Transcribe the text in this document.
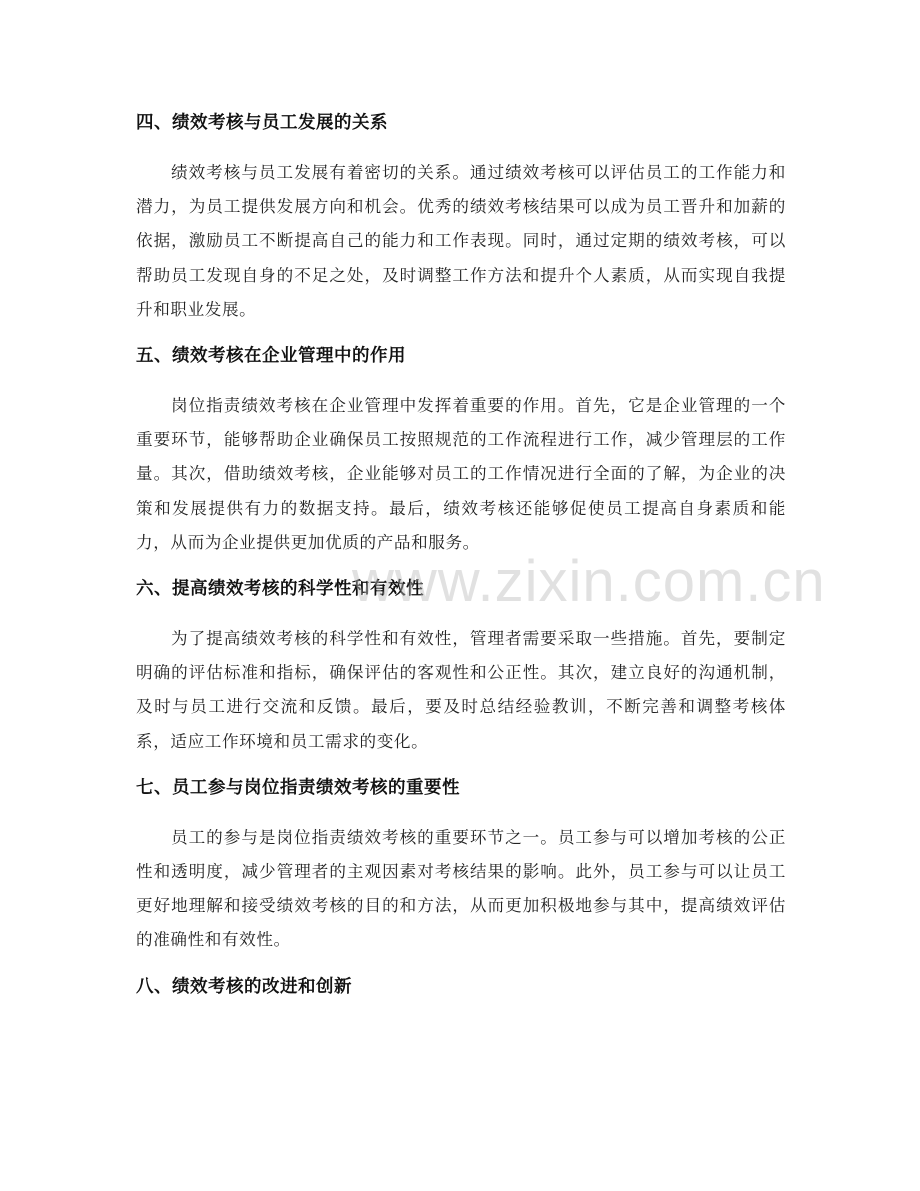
四、绩效考核与员工发展的关系

绩效考核与员工发展有着密切的关系。通过绩效考核可以评估员工的工作能力和潜力，为员工提供发展方向和机会。优秀的绩效考核结果可以成为员工晋升和加薪的依据，激励员工不断提高自己的能力和工作表现。同时，通过定期的绩效考核，可以帮助员工发现自身的不足之处，及时调整工作方法和提升个人素质，从而实现自我提升和职业发展。

五、绩效考核在企业管理中的作用

岗位指责绩效考核在企业管理中发挥着重要的作用。首先，它是企业管理的一个重要环节，能够帮助企业确保员工按照规范的工作流程进行工作，减少管理层的工作量。其次，借助绩效考核，企业能够对员工的工作情况进行全面的了解，为企业的决策和发展提供有力的数据支持。最后，绩效考核还能够促使员工提高自身素质和能力，从而为企业提供更加优质的产品和服务。

六、提高绩效考核的科学性和有效性

为了提高绩效考核的科学性和有效性，管理者需要采取一些措施。首先，要制定明确的评估标准和指标，确保评估的客观性和公正性。其次，建立良好的沟通机制，及时与员工进行交流和反馈。最后，要及时总结经验教训，不断完善和调整考核体系，适应工作环境和员工需求的变化。

七、员工参与岗位指责绩效考核的重要性

员工的参与是岗位指责绩效考核的重要环节之一。员工参与可以增加考核的公正性和透明度，减少管理者的主观因素对考核结果的影响。此外，员工参与可以让员工更好地理解和接受绩效考核的目的和方法，从而更加积极地参与其中，提高绩效评估的准确性和有效性。

八、绩效考核的改进和创新
www.zixin.com.cn
